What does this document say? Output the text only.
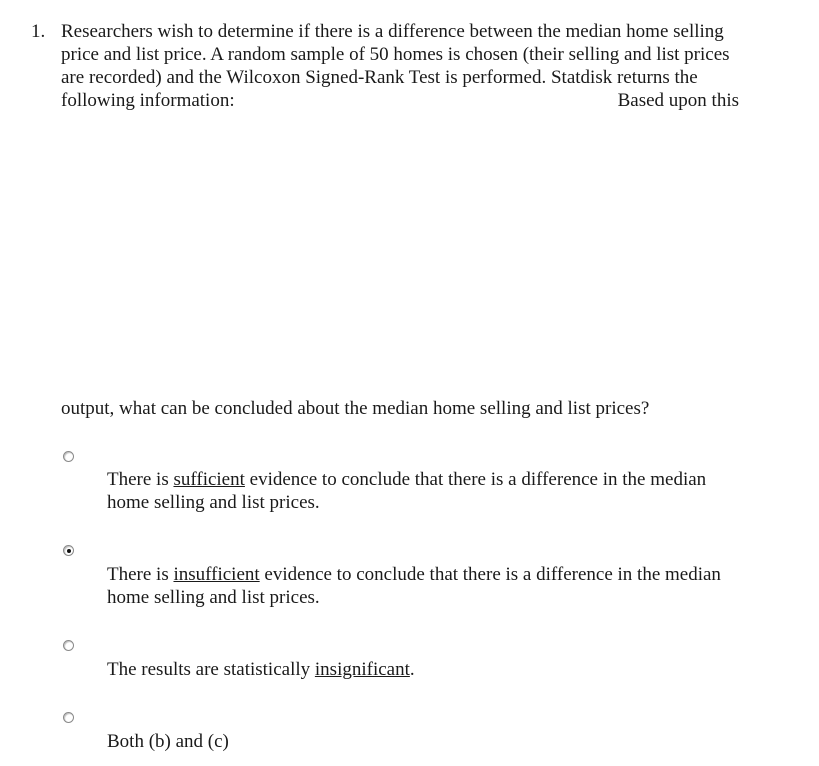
1. Researchers wish to determine if there is a difference between the median home selling
price and list price. A random sample of 50 homes is chosen (their selling and list prices
are recorded) and the Wilcoxon Signed-Rank Test is performed. Statdisk returns the
following information:	Based upon this

output, what can be concluded about the median home selling and list prices?

There is sufficient evidence to conclude that there is a difference in the median
home selling and list prices.

There is insufficient evidence to conclude that there is a difference in the median
home selling and list prices.

The results are statistically insignificant.

Both (b) and (c)
